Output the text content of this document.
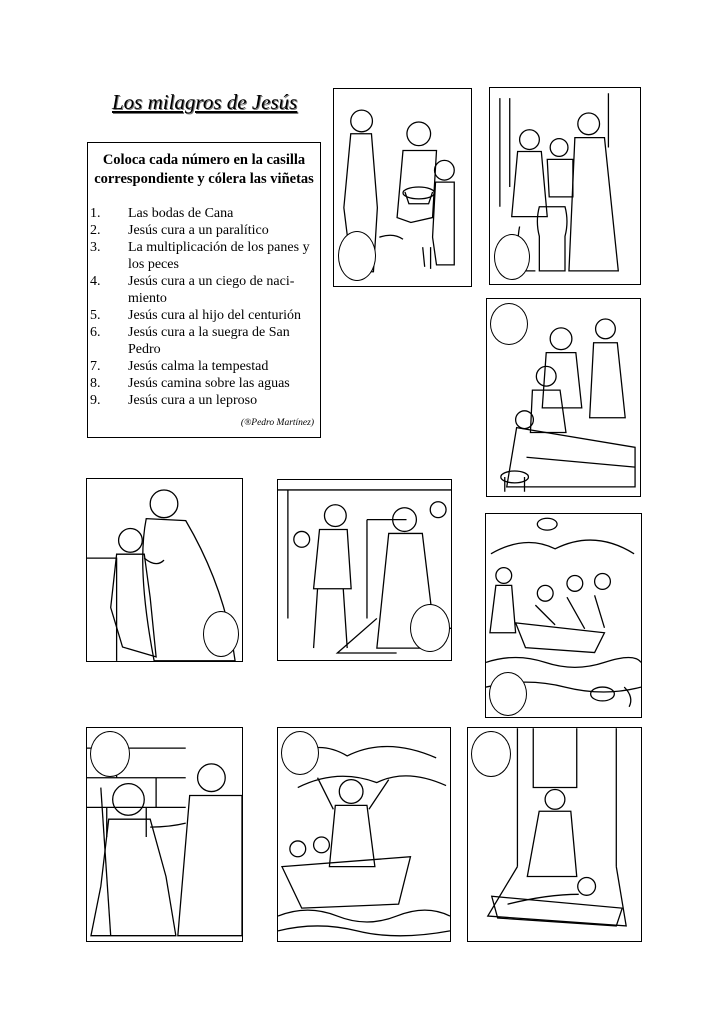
Los milagros de Jesús
Coloca cada número en la casilla
correspondiente y cólera las viñetas
1.	Las bodas de Cana
2.	Jesús cura a un paralítico
3.	La multiplicación de los panes y los peces
4.	Jesús cura a un ciego de naci-miento
5.	Jesús cura al hijo del centurión
6.	Jesús cura a la suegra de San Pedro
7.	Jesús calma la tempestad
8.	Jesús camina sobre las aguas
9.	Jesús cura a un leproso
(®Pedro Martínez)
